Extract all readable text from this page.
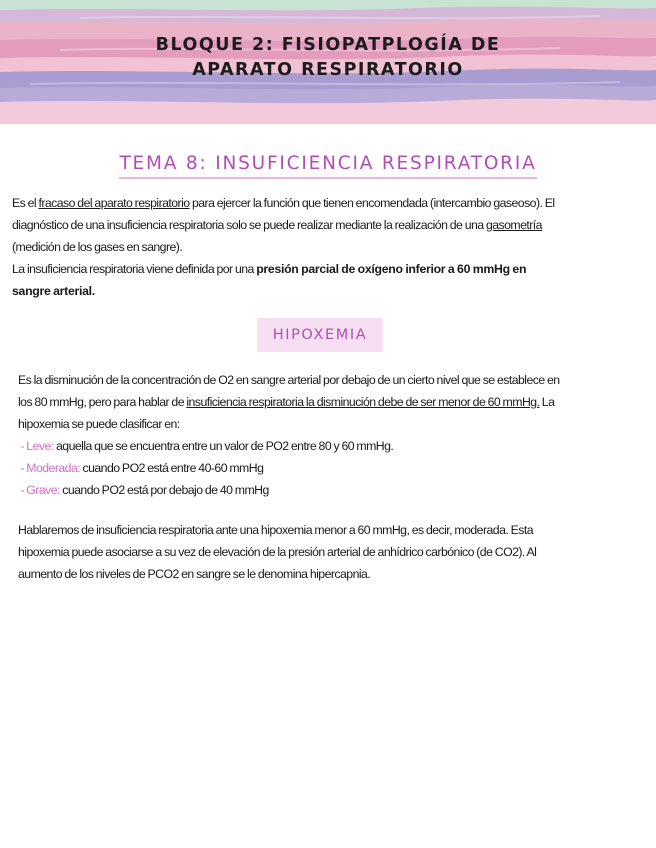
BLOQUE 2: FISIOPATPLOGÍA DE
APARATO RESPIRATORIO
TEMA 8: INSUFICIENCIA RESPIRATORIA
Es el fracaso del aparato respiratorio para ejercer la función que tienen encomendada (intercambio gaseoso). El
diagnóstico de una insuficiencia respiratoria solo se puede realizar mediante la realización de una gasometría
(medición de los gases en sangre).
La insuficiencia respiratoria viene definida por una presión parcial de oxígeno inferior a 60 mmHg en
sangre arterial.
HIPOXEMIA
Es la disminución de la concentración de O2 en sangre arterial por debajo de un cierto nivel que se establece en
los 80 mmHg, pero para hablar de insuficiencia respiratoria la disminución debe de ser menor de 60 mmHg. La
hipoxemia se puede clasificar en:
- Leve: aquella que se encuentra entre un valor de PO2 entre 80 y 60 mmHg.
- Moderada: cuando PO2 está entre 40-60 mmHg
- Grave: cuando PO2 está por debajo de 40 mmHg
Hablaremos de insuficiencia respiratoria ante una hipoxemia menor a 60 mmHg, es decir, moderada. Esta
hipoxemia puede asociarse a su vez de elevación de la presión arterial de anhídrico carbónico (de CO2). Al
aumento de los niveles de PCO2 en sangre se le denomina hipercapnia.
